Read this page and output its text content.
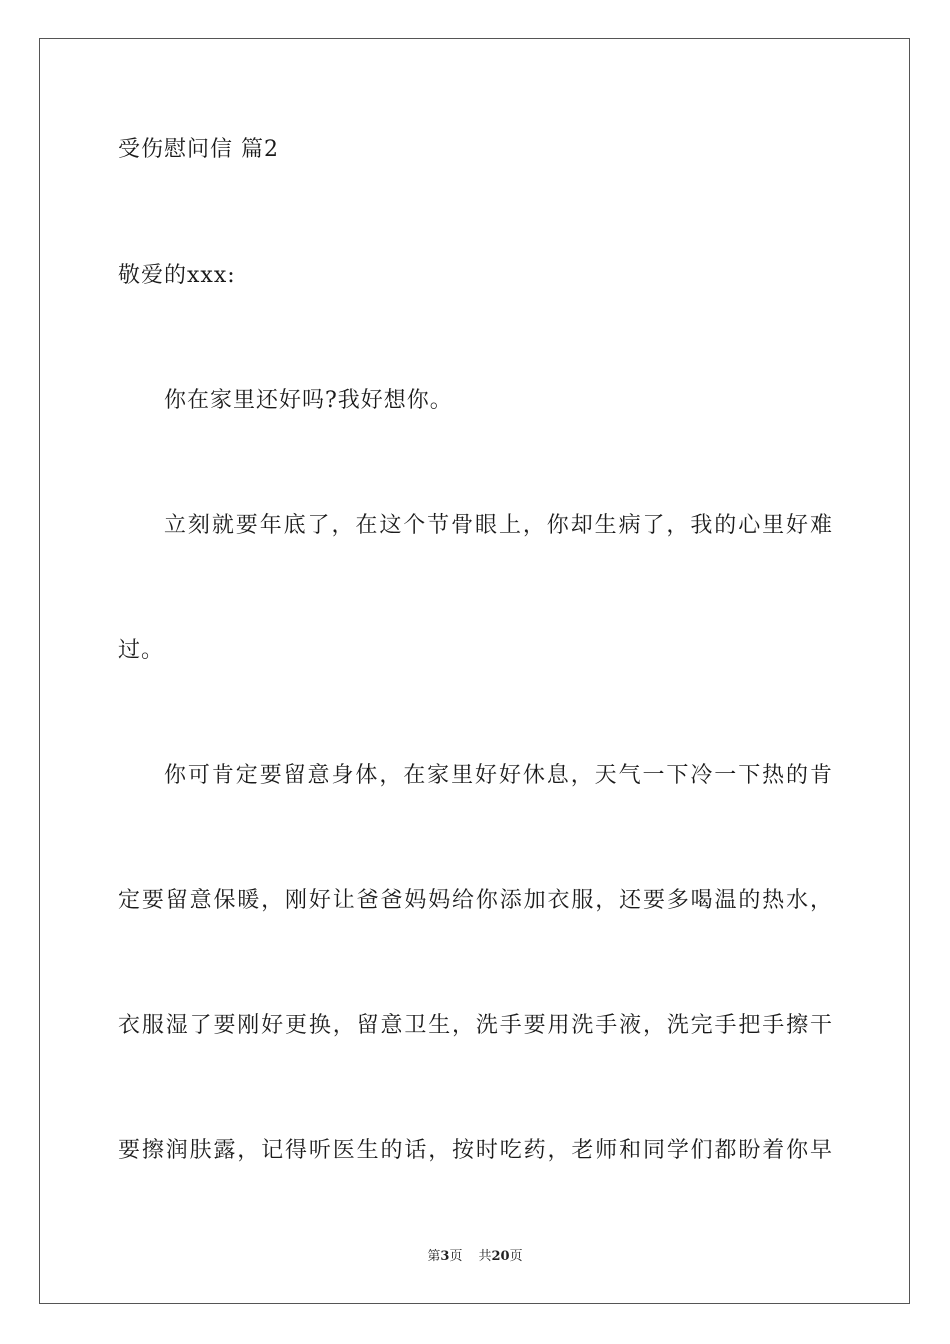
受伤慰问信 篇2
敬爱的xxx:
你在家里还好吗?我好想你。
立刻就要年底了，在这个节骨眼上，你却生病了，我的心里好难
过。
你可肯定要留意身体，在家里好好休息，天气一下冷一下热的肯
定要留意保暖，刚好让爸爸妈妈给你添加衣服，还要多喝温的热水，
衣服湿了要刚好更换，留意卫生，洗手要用洗手液，洗完手把手擦干
要擦润肤露，记得听医生的话，按时吃药，老师和同学们都盼着你早
第3页 共20页
